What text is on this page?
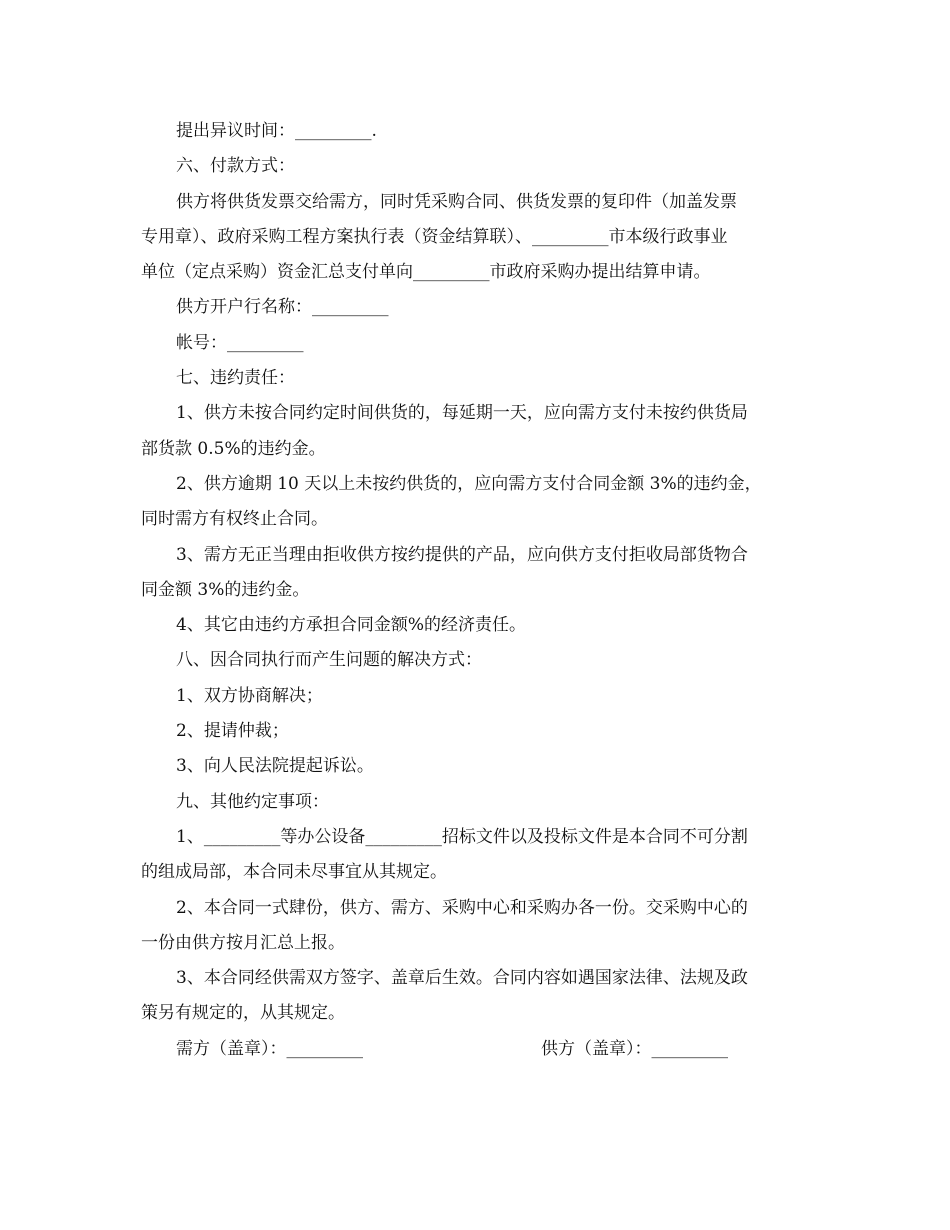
提出异议时间：_________.
六、付款方式：
供方将供货发票交给需方，同时凭采购合同、供货发票的复印件（加盖发票
专用章）、政府采购工程方案执行表（资金结算联）、_________市本级行政事业
单位（定点采购）资金汇总支付单向_________市政府采购办提出结算申请。
供方开户行名称：_________
帐号：_________
七、违约责任：
1、供方未按合同约定时间供货的，每延期一天，应向需方支付未按约供货局
部货款 0.5%的违约金。
2、供方逾期 10 天以上未按约供货的，应向需方支付合同金额 3%的违约金，
同时需方有权终止合同。
3、需方无正当理由拒收供方按约提供的产品，应向供方支付拒收局部货物合
同金额 3%的违约金。
4、其它由违约方承担合同金额%的经济责任。
八、因合同执行而产生问题的解决方式：
1、双方协商解决；
2、提请仲裁；
3、向人民法院提起诉讼。
九、其他约定事项：
1、_________等办公设备_________招标文件以及投标文件是本合同不可分割
的组成局部，本合同未尽事宜从其规定。
2、本合同一式肆份，供方、需方、采购中心和采购办各一份。交采购中心的
一份由供方按月汇总上报。
3、本合同经供需双方签字、盖章后生效。合同内容如遇国家法律、法规及政
策另有规定的，从其规定。
需方（盖章）：_________	供方（盖章）：_________
